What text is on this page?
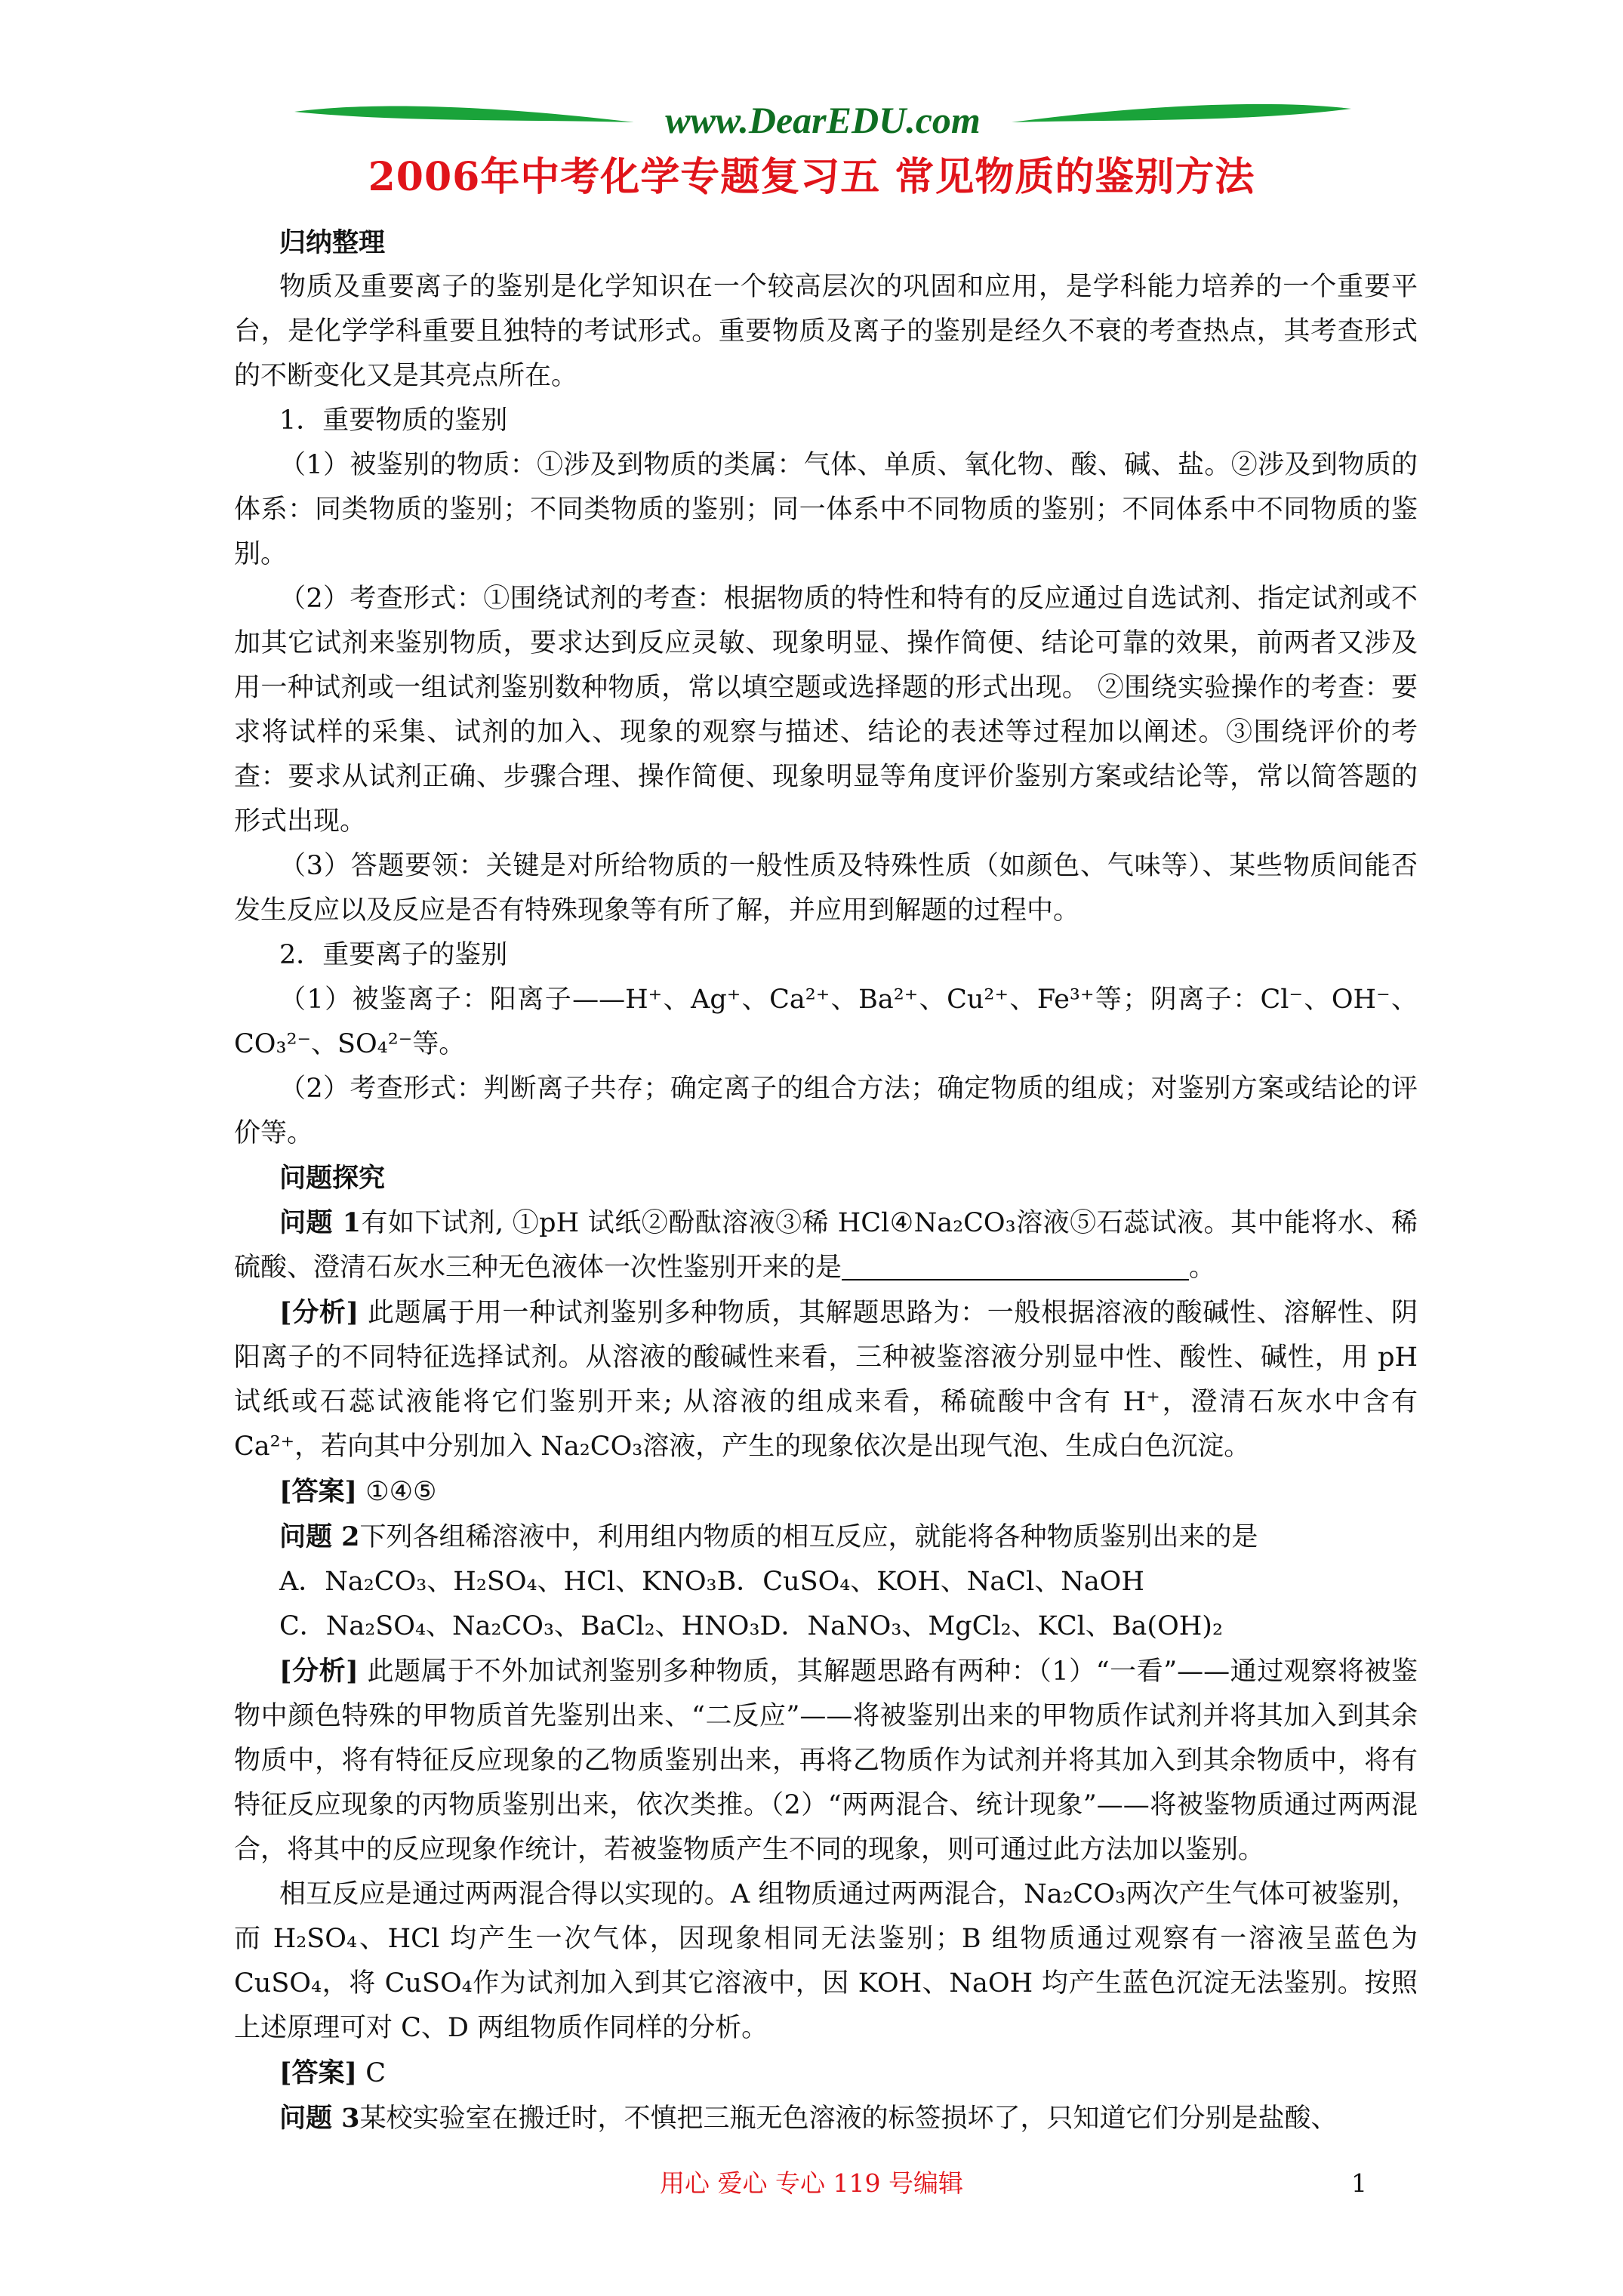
www.DearEDU.com
2006年中考化学专题复习五 常见物质的鉴别方法

归纳整理

物质及重要离子的鉴别是化学知识在一个较高层次的巩固和应用，是学科能力培养的一个重要平台，是化学学科重要且独特的考试形式。重要物质及离子的鉴别是经久不衰的考查热点，其考查形式的不断变化又是其亮点所在。

1．重要物质的鉴别

（1）被鉴别的物质：①涉及到物质的类属：气体、单质、氧化物、酸、碱、盐。②涉及到物质的体系：同类物质的鉴别；不同类物质的鉴别；同一体系中不同物质的鉴别；不同体系中不同物质的鉴别。

（2）考查形式：①围绕试剂的考查：根据物质的特性和特有的反应通过自选试剂、指定试剂或不加其它试剂来鉴别物质，要求达到反应灵敏、现象明显、操作简便、结论可靠的效果，前两者又涉及用一种试剂或一组试剂鉴别数种物质，常以填空题或选择题的形式出现。 ②围绕实验操作的考查：要求将试样的采集、试剂的加入、现象的观察与描述、结论的表述等过程加以阐述。③围绕评价的考查：要求从试剂正确、步骤合理、操作简便、现象明显等角度评价鉴别方案或结论等，常以简答题的形式出现。

（3）答题要领：关键是对所给物质的一般性质及特殊性质（如颜色、气味等）、某些物质间能否发生反应以及反应是否有特殊现象等有所了解，并应用到解题的过程中。

2．重要离子的鉴别

（1）被鉴离子：阳离子——H⁺、Ag⁺、Ca²⁺、Ba²⁺、Cu²⁺、Fe³⁺等；阴离子：Cl⁻、OH⁻、CO₃²⁻、SO₄²⁻等。

（2）考查形式：判断离子共存；确定离子的组合方法；确定物质的组成；对鉴别方案或结论的评价等。

问题探究

问题 1有如下试剂, ①pH 试纸②酚酞溶液③稀 HCl④Na₂CO₃溶液⑤石蕊试液。其中能将水、稀硫酸、澄清石灰水三种无色液体一次性鉴别开来的是	。

[分析] 此题属于用一种试剂鉴别多种物质，其解题思路为：一般根据溶液的酸碱性、溶解性、阴阳离子的不同特征选择试剂。从溶液的酸碱性来看，三种被鉴溶液分别显中性、酸性、碱性，用 pH 试纸或石蕊试液能将它们鉴别开来; 从溶液的组成来看，稀硫酸中含有 H⁺，澄清石灰水中含有 Ca²⁺，若向其中分别加入 Na₂CO₃溶液，产生的现象依次是出现气泡、生成白色沉淀。

[答案] ①④⑤

问题 2下列各组稀溶液中，利用组内物质的相互反应，就能将各种物质鉴别出来的是

A．Na₂CO₃、H₂SO₄、HCl、KNO₃B．CuSO₄、KOH、NaCl、NaOH

C．Na₂SO₄、Na₂CO₃、BaCl₂、HNO₃D．NaNO₃、MgCl₂、KCl、Ba(OH)₂

[分析] 此题属于不外加试剂鉴别多种物质，其解题思路有两种：（1）“一看”——通过观察将被鉴物中颜色特殊的甲物质首先鉴别出来、“二反应”——将被鉴别出来的甲物质作试剂并将其加入到其余物质中，将有特征反应现象的乙物质鉴别出来，再将乙物质作为试剂并将其加入到其余物质中，将有特征反应现象的丙物质鉴别出来，依次类推。（2）“两两混合、统计现象”——将被鉴物质通过两两混合，将其中的反应现象作统计，若被鉴物质产生不同的现象，则可通过此方法加以鉴别。

相互反应是通过两两混合得以实现的。A 组物质通过两两混合，Na₂CO₃两次产生气体可被鉴别，而 H₂SO₄、HCl 均产生一次气体，因现象相同无法鉴别；B 组物质通过观察有一溶液呈蓝色为 CuSO₄，将 CuSO₄作为试剂加入到其它溶液中，因 KOH、NaOH 均产生蓝色沉淀无法鉴别。按照上述原理可对 C、D 两组物质作同样的分析。

[答案] C

问题 3某校实验室在搬迁时，不慎把三瓶无色溶液的标签损坏了，只知道它们分别是盐酸、

用心 爱心 专心 119 号编辑	1
